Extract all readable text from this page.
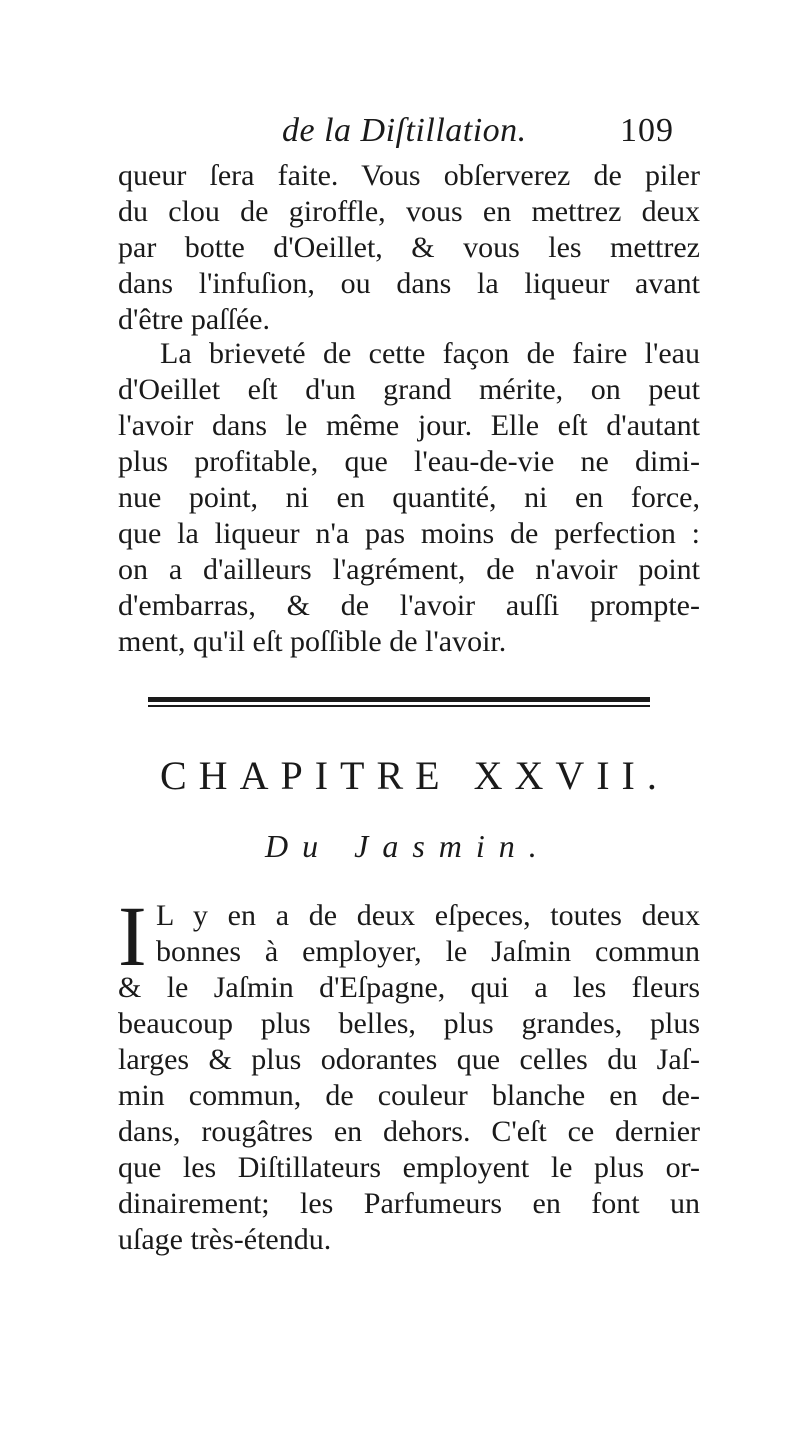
de la Diſtillation.	109
queur ſera faite. Vous obſerverez de piler
du clou de giroffle, vous en mettrez deux
par botte d'Oeillet, & vous les mettrez
dans l'infuſion, ou dans la liqueur avant
d'être paſſée.
La brieveté de cette façon de faire l'eau
d'Oeillet eſt d'un grand mérite, on peut
l'avoir dans le même jour. Elle eſt d'autant
plus profitable, que l'eau-de-vie ne dimi-
nue point, ni en quantité, ni en force,
que la liqueur n'a pas moins de perfection :
on a d'ailleurs l'agrément, de n'avoir point
d'embarras, & de l'avoir auſſi prompte-
ment, qu'il eſt poſſible de l'avoir.
CHAPITRE XXVII.
Du Jasmin.
I L y en a de deux eſpeces, toutes deux
bonnes à employer, le Jaſmin commun
& le Jaſmin d'Eſpagne, qui a les fleurs
beaucoup plus belles, plus grandes, plus
larges & plus odorantes que celles du Jaſ-
min commun, de couleur blanche en de-
dans, rougâtres en dehors. C'eſt ce dernier
que les Diſtillateurs employent le plus or-
dinairement; les Parfumeurs en font un
uſage très-étendu.
